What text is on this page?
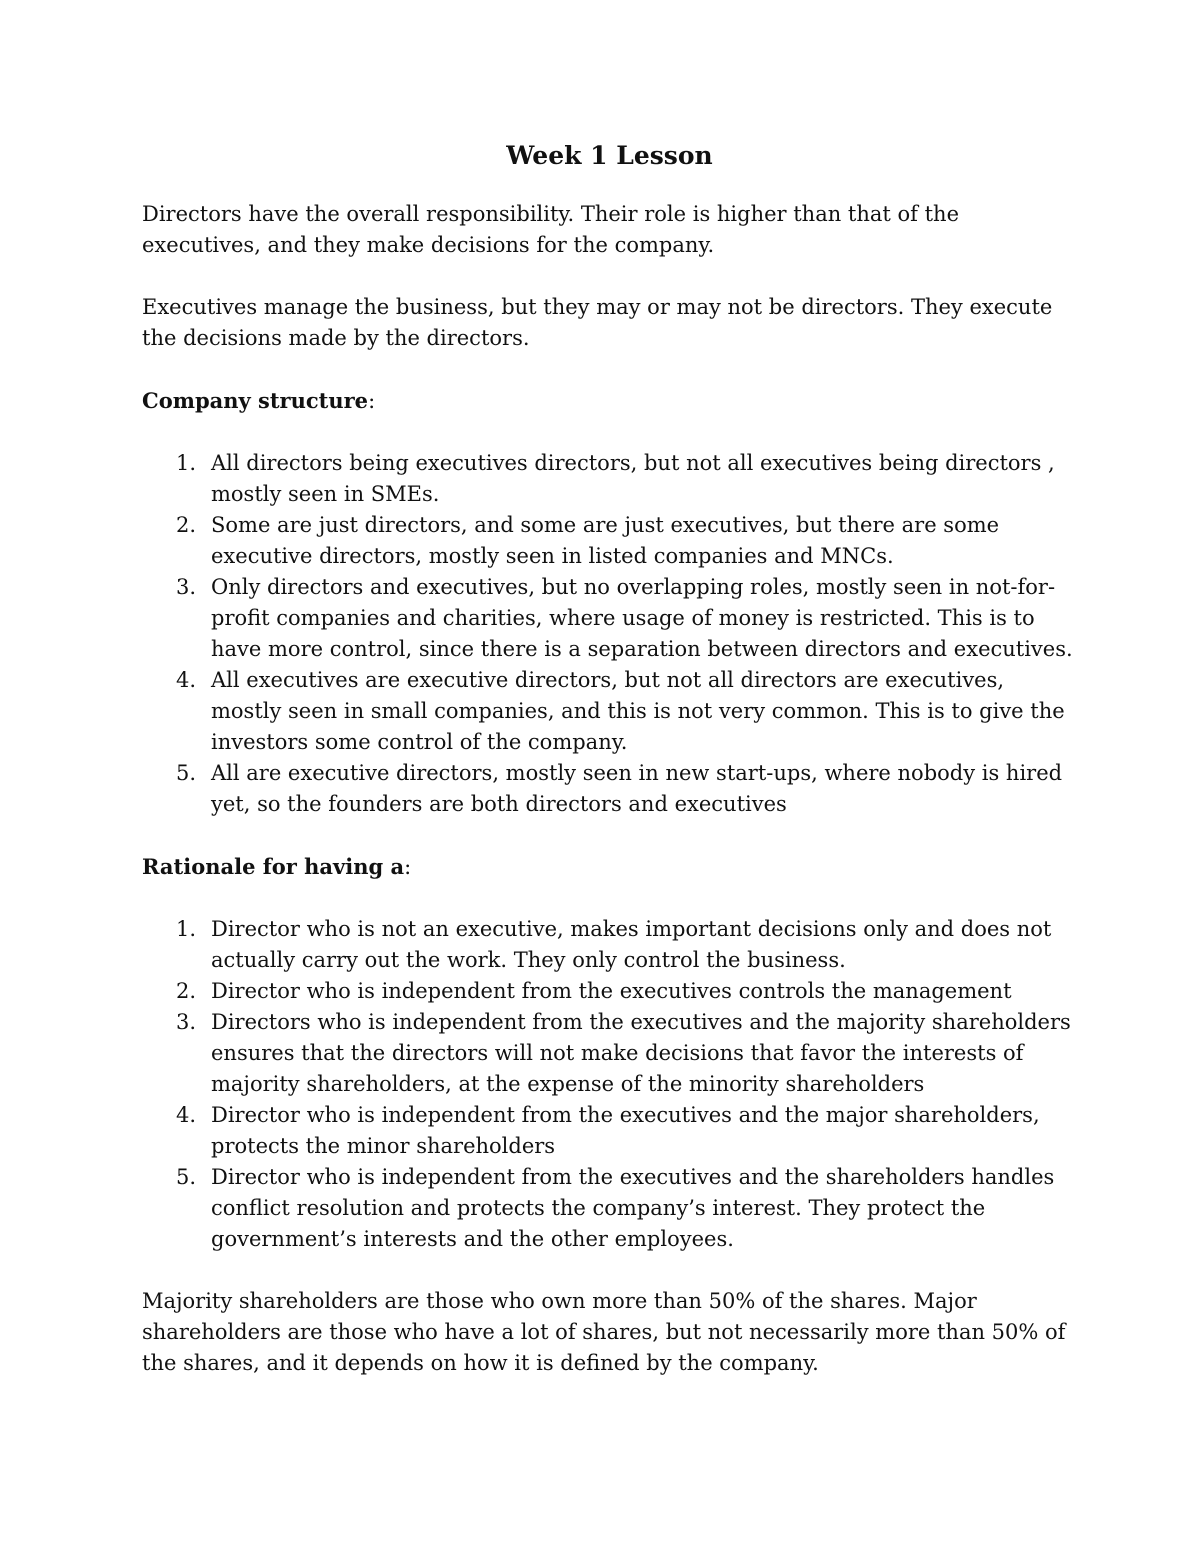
Week 1 Lesson

Directors have the overall responsibility. Their role is higher than that of the executives, and they make decisions for the company.

Executives manage the business, but they may or may not be directors. They execute the decisions made by the directors.

Company structure:
1. All directors being executives directors, but not all executives being directors , mostly seen in SMEs.
2. Some are just directors, and some are just executives, but there are some executive directors, mostly seen in listed companies and MNCs.
3. Only directors and executives, but no overlapping roles, mostly seen in not-for-profit companies and charities, where usage of money is restricted. This is to have more control, since there is a separation between directors and executives.
4. All executives are executive directors, but not all directors are executives, mostly seen in small companies, and this is not very common. This is to give the investors some control of the company.
5. All are executive directors, mostly seen in new start-ups, where nobody is hired yet, so the founders are both directors and executives
Rationale for having a:
1. Director who is not an executive, makes important decisions only and does not actually carry out the work. They only control the business.
2. Director who is independent from the executives controls the management
3. Directors who is independent from the executives and the majority shareholders ensures that the directors will not make decisions that favor the interests of majority shareholders, at the expense of the minority shareholders
4. Director who is independent from the executives and the major shareholders, protects the minor shareholders
5. Director who is independent from the executives and the shareholders handles conflict resolution and protects the company’s interest. They protect the government’s interests and the other employees.

Majority shareholders are those who own more than 50% of the shares. Major shareholders are those who have a lot of shares, but not necessarily more than 50% of the shares, and it depends on how it is defined by the company.
